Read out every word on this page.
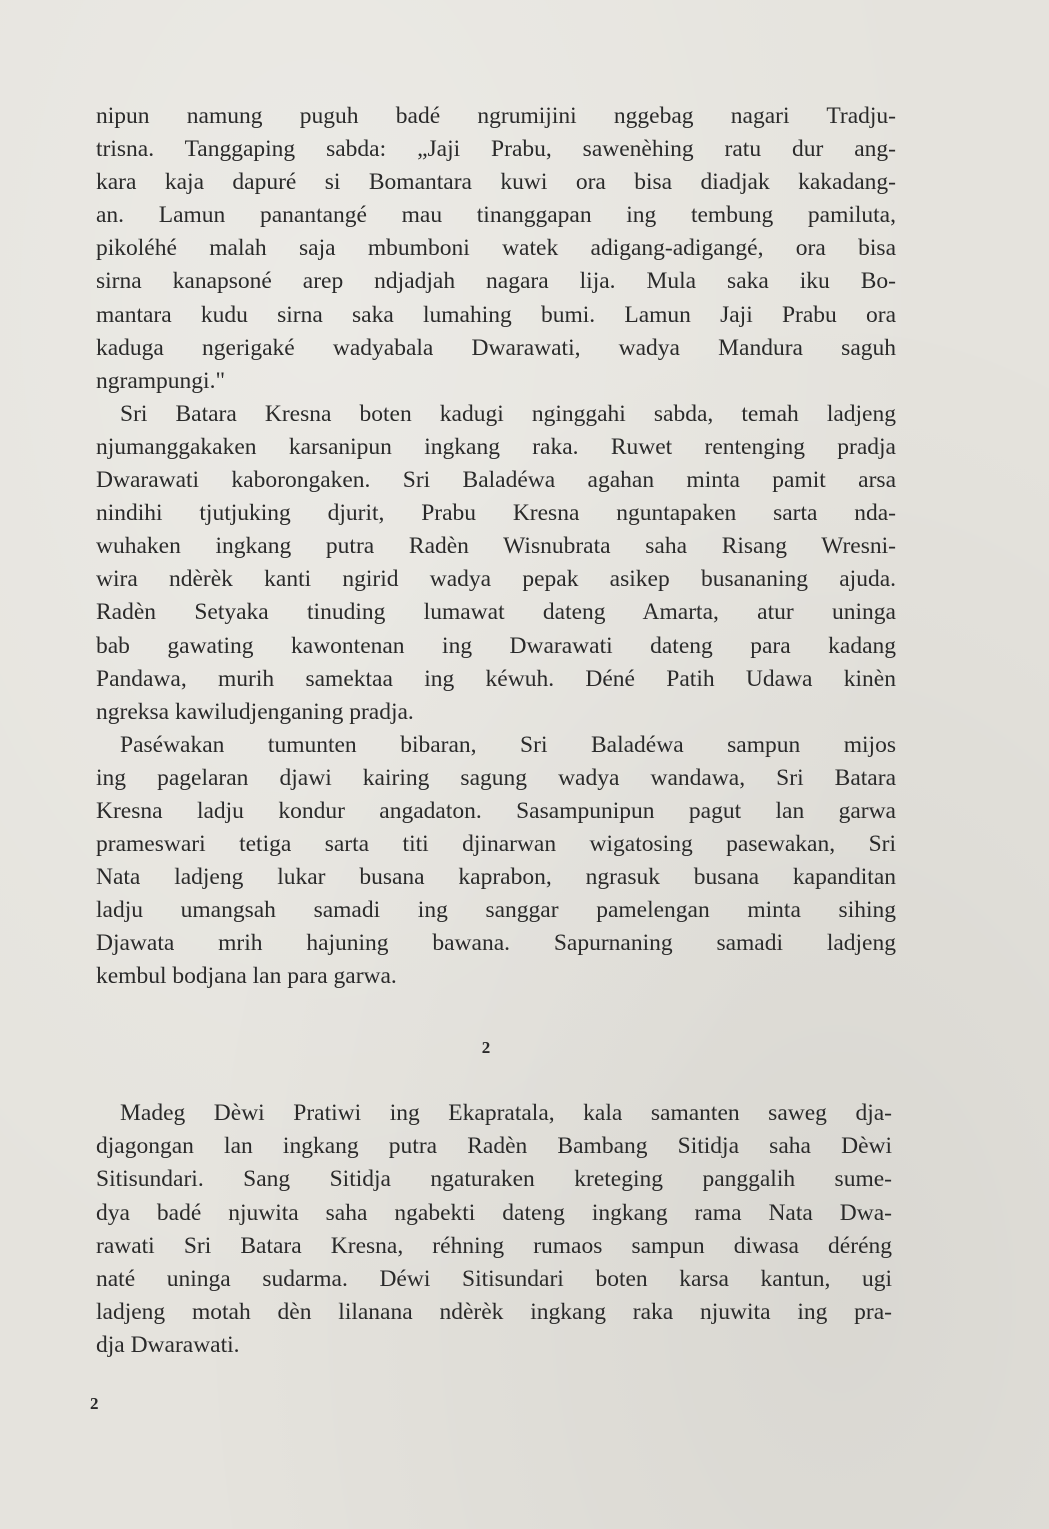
nipun namung puguh badé ngrumijini nggebag nagari Tradju-
trisna. Tanggaping sabda: „Jaji Prabu, sawenèhing ratu dur ang-
kara kaja dapuré si Bomantara kuwi ora bisa diadjak kakadang-
an. Lamun panantangé mau tinanggapan ing tembung pamiluta,
pikoléhé malah saja mbumboni watek adigang-adigangé, ora bisa
sirna kanapsoné arep ndjadjah nagara lija. Mula saka iku Bo-
mantara kudu sirna saka lumahing bumi. Lamun Jaji Prabu ora
kaduga ngerigaké wadyabala Dwarawati, wadya Mandura saguh
ngrampungi."
Sri Batara Kresna boten kadugi nginggahi sabda, temah ladjeng
njumanggakaken karsanipun ingkang raka. Ruwet rentenging pradja
Dwarawati kaborongaken. Sri Baladéwa agahan minta pamit arsa
nindihi tjutjuking djurit, Prabu Kresna nguntapaken sarta nda-
wuhaken ingkang putra Radèn Wisnubrata saha Risang Wresni-
wira ndèrèk kanti ngirid wadya pepak asikep busananing ajuda.
Radèn Setyaka tinuding lumawat dateng Amarta, atur uninga
bab gawating kawontenan ing Dwarawati dateng para kadang
Pandawa, murih samektaa ing kéwuh. Déné Patih Udawa kinèn
ngreksa kawiludjenganing pradja.
Paséwakan tumunten bibaran, Sri Baladéwa sampun mijos
ing pagelaran djawi kairing sagung wadya wandawa, Sri Batara
Kresna ladju kondur angadaton. Sasampunipun pagut lan garwa
prameswari tetiga sarta titi djinarwan wigatosing pasewakan, Sri
Nata ladjeng lukar busana kaprabon, ngrasuk busana kapanditan
ladju umangsah samadi ing sanggar pamelengan minta sihing
Djawata mrih hajuning bawana. Sapurnaning samadi ladjeng
kembul bodjana lan para garwa.
2
Madeg Dèwi Pratiwi ing Ekapratala, kala samanten saweg dja-
djagongan lan ingkang putra Radèn Bambang Sitidja saha Dèwi
Sitisundari. Sang Sitidja ngaturaken kreteging panggalih sume-
dya badé njuwita saha ngabekti dateng ingkang rama Nata Dwa-
rawati Sri Batara Kresna, réhning rumaos sampun diwasa déréng
naté uninga sudarma. Déwi Sitisundari boten karsa kantun, ugi
ladjeng motah dèn lilanana ndèrèk ingkang raka njuwita ing pra-
dja Dwarawati.
2
